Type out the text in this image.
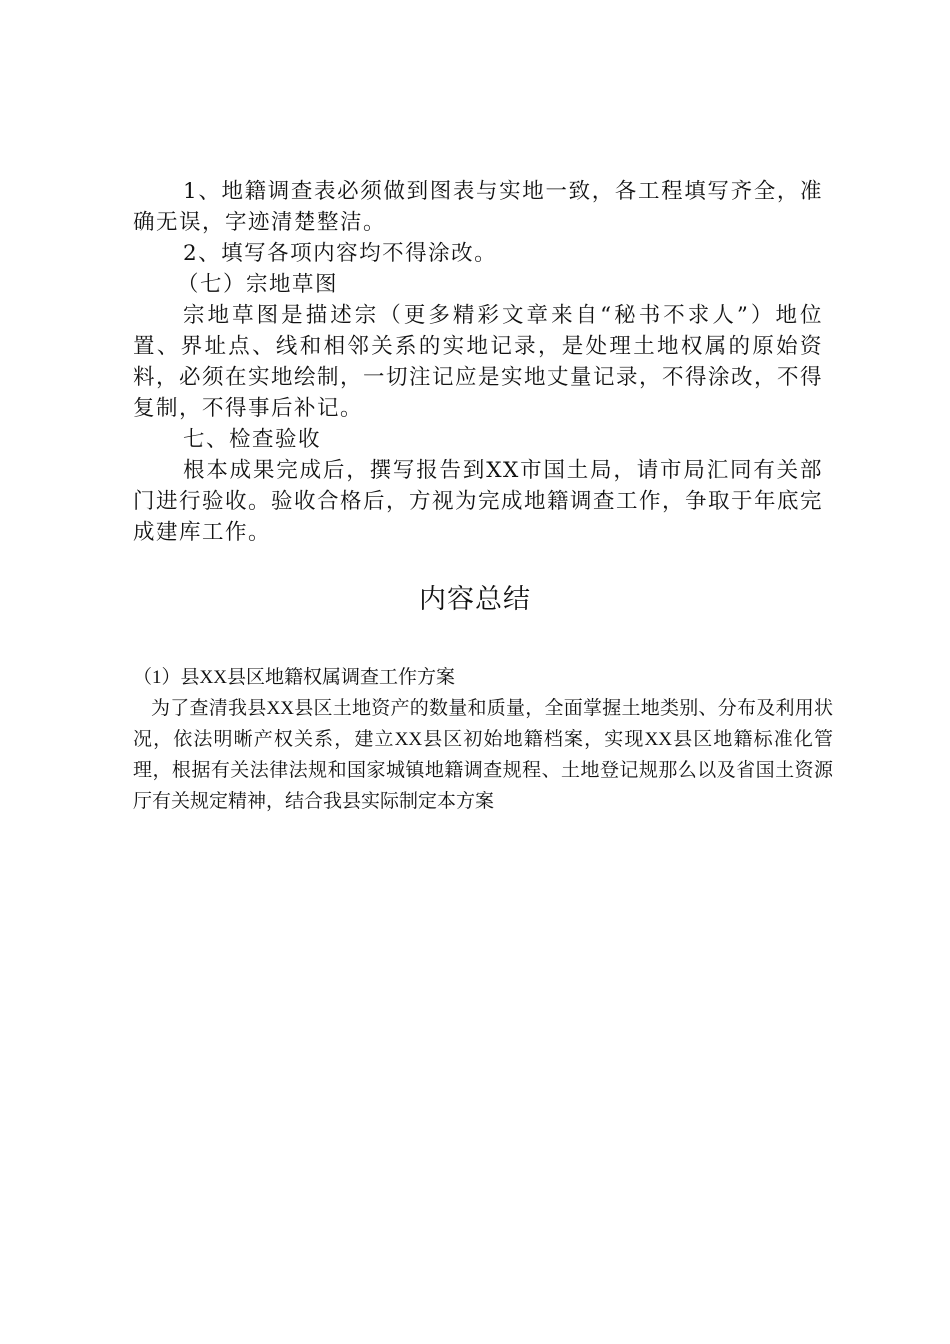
1、地籍调查表必须做到图表与实地一致，各工程填写齐全，准确无误，字迹清楚整洁。

2、填写各项内容均不得涂改。

（七）宗地草图

宗地草图是描述宗（更多精彩文章来自“秘书不求人”）地位置、界址点、线和相邻关系的实地记录，是处理土地权属的原始资料，必须在实地绘制，一切注记应是实地丈量记录，不得涂改，不得复制，不得事后补记。

七、检查验收

根本成果完成后，撰写报告到XX市国土局，请市局汇同有关部门进行验收。验收合格后，方视为完成地籍调查工作，争取于年底完成建库工作。

内容总结

（1）县XX县区地籍权属调查工作方案

为了查清我县XX县区土地资产的数量和质量，全面掌握土地类别、分布及利用状况，依法明晰产权关系，建立XX县区初始地籍档案，实现XX县区地籍标准化管理，根据有关法律法规和国家城镇地籍调查规程、土地登记规那么以及省国土资源厅有关规定精神，结合我县实际制定本方案
